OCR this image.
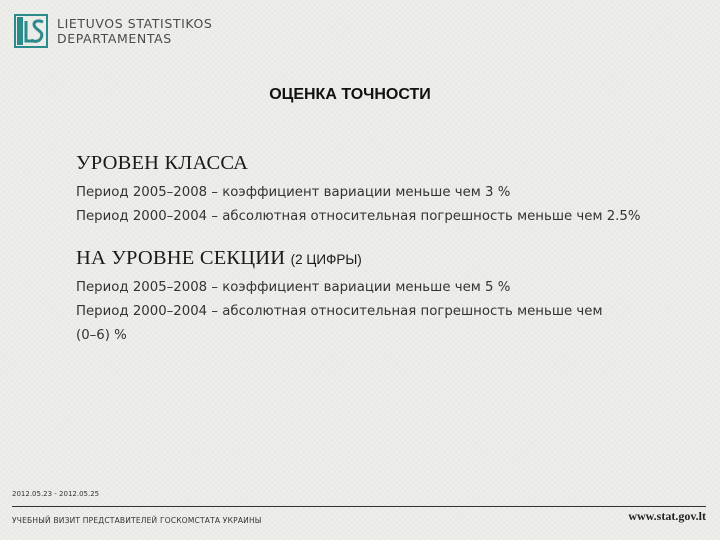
LIETUVOS STATISTIKOS
DEPARTAMENTAS
ОЦЕНКА ТОЧНОСТИ

УРОВЕН КЛАССА

Период 2005–2008 – коэффициент вариации меньше чем 3 %

Период 2000–2004 – абсолютная относительная погрешность меньше чем 2.5%

НА УРОВНЕ СЕКЦИИ (2 ЦИФРЫ)

Период 2005–2008 – коэффициент вариации меньше чем 5 %

Период 2000–2004 – абсолютная относительная погрешность меньше чем

(0–6) %

2012.05.23 - 2012.05.25
УЧЕБНЫЙ ВИЗИТ ПРЕДСТАВИТЕЛЕЙ ГОСКОМСТАТА УКРАИНЫ	www.stat.gov.lt
